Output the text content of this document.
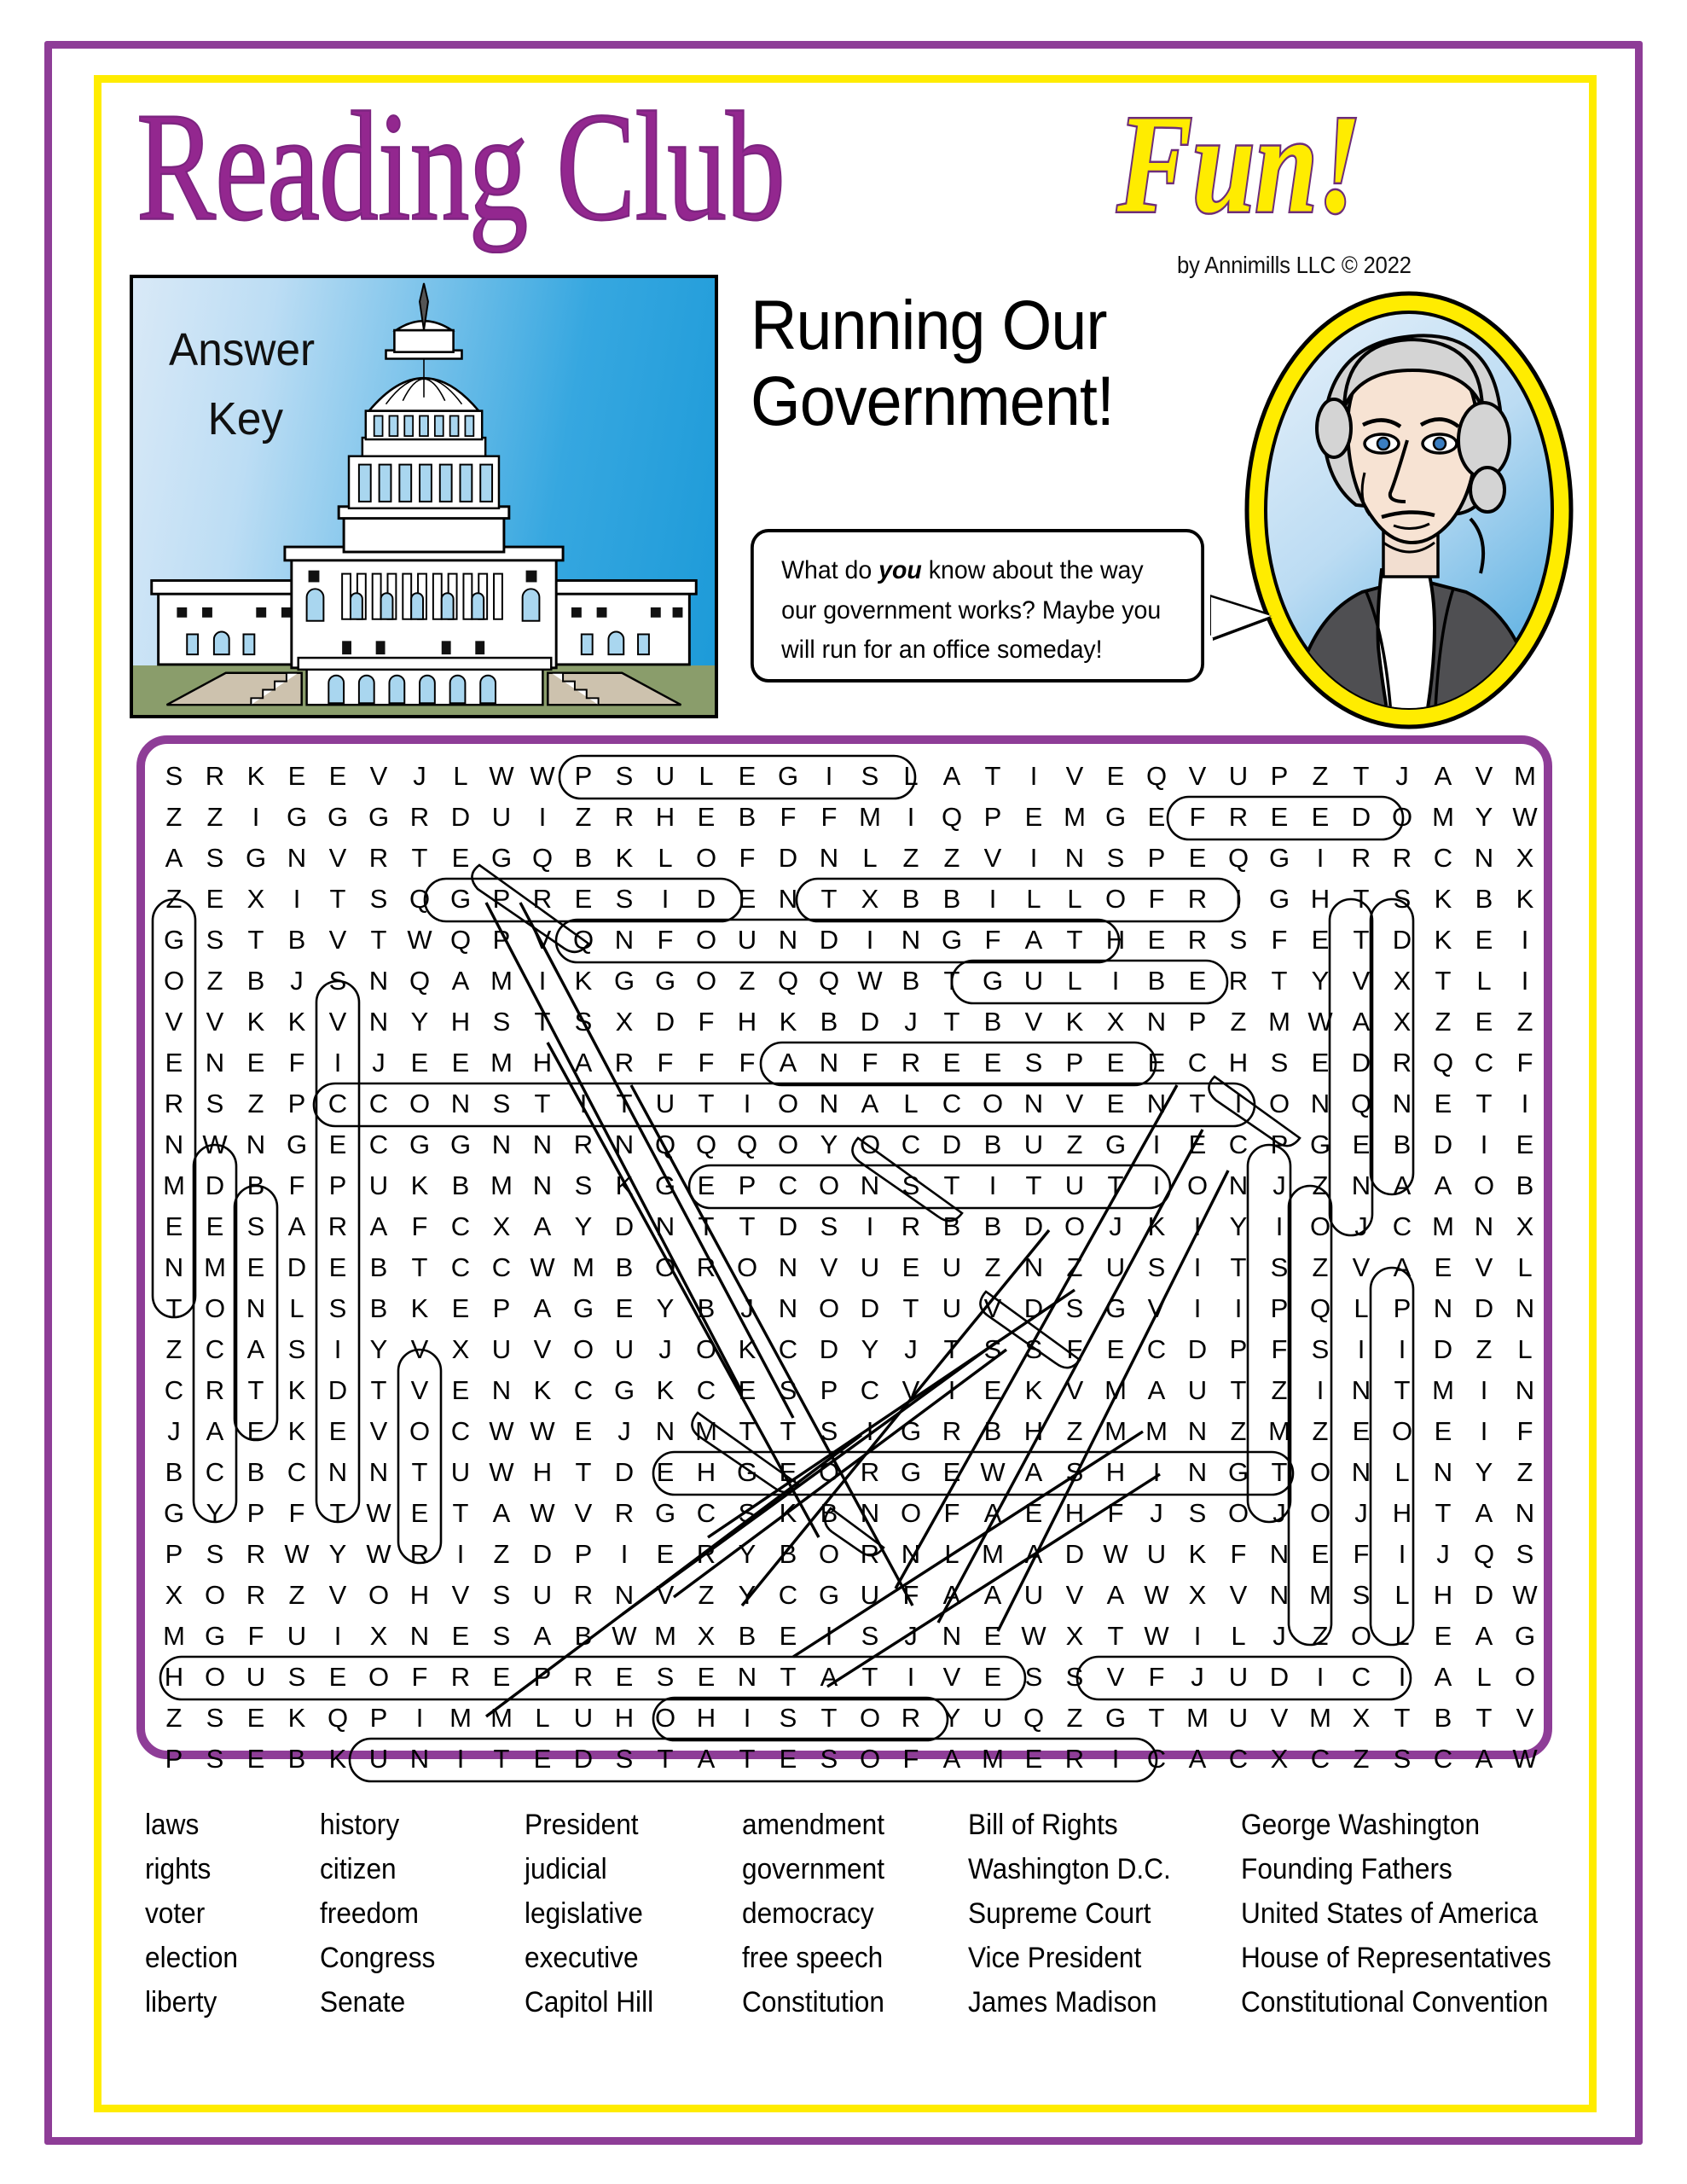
Reading Club	Fun!
by Annimills LLC © 2022
Answer
Key
Running Our Government!
What do you know about the way our government works? Maybe you will run for an office someday!
S R K E E V J L W W P S U L E G I S L A T I V E Q V U P Z T J A V M
Z Z I G G G R D U I Z R H E B F F M I Q P E M G E F R E E D O M Y W
A S G N V R T E G Q B K L O F D N L Z Z V I N S P E Q G I R R C N X
Z E X I T S Q G P R E S I D E N T X B B I L L O F R I G H T S K B K
G S T B V T W Q P V Q N F O U N D I N G F A T H E R S F E T D K E I
O Z B J S N Q A M I K G G O Z Q Q W B T G U L I B E R T Y V X T L I
V V K K V N Y H S T S X D F H K B D J T B V K X N P Z M W A X Z E Z
E N E F I J E E M H A R F F F A N F R E E S P E E C H S E D R Q C F
R S Z P C C O N S T I T U T I O N A L C O N V E N T I O N Q N E T I
N W N G E C G G N N R N Q Q Q O Y O C D B U Z G I E C P G E B D I E
M D B F P U K B M N S K G E P C O N S T I T U T I O N J Z N A A O B
E E S A R A F C X A Y D N T T D S I R B B D O J K I Y I O J C M N X
N M E D E B T C C W M B O R O N V U E U Z N Z U S I T S Z V A E V L
T O N L S B K E P A G E Y B J N O D T U V D S G V I I P Q L P N D N
Z C A S I Y V X U V O U J O K C D Y J T S S F E C D P F S I I D Z L
C R T K D T V E N K C G K C E S P C V I E K V M A U T Z I N T M I N
J A E K E V O C W W E J N M T T S I G R B H Z M M N Z M Z E O E I F
B C B C N N T U W H T D E H G E O R G E W A S H I N G T O N L N Y Z
G Y P F T W E T A W V R G C S K B N O F A E H F J S O J O J H T A N
P S R W Y W R I Z D P I E R Y B O R N L M A D W U K F N E F I J Q S
X O R Z V O H V S U R N V Z Y C G U F A A U V A W X V N M S L H D W
M G F U I X N E S A B W M X B E I S J N E W X T W I L J Z O L E A G
H O U S E O F R E P R E S E N T A T I V E S S V F J U D I C I A L O
Z S E K Q P I M M L U H O H I S T O R Y U Q Z G T M U V M X T B T V
P S E B K U N I T E D S T A T E S O F A M E R I C A C X C Z S C A W
laws
rights
voter
election
liberty
history
citizen
freedom
Congress
Senate
President
judicial
legislative
executive
Capitol Hill
amendment
government
democracy
free speech
Constitution
Bill of Rights
Washington D.C.
Supreme Court
Vice President
James Madison
George Washington
Founding Fathers
United States of America
House of Representatives
Constitutional Convention
